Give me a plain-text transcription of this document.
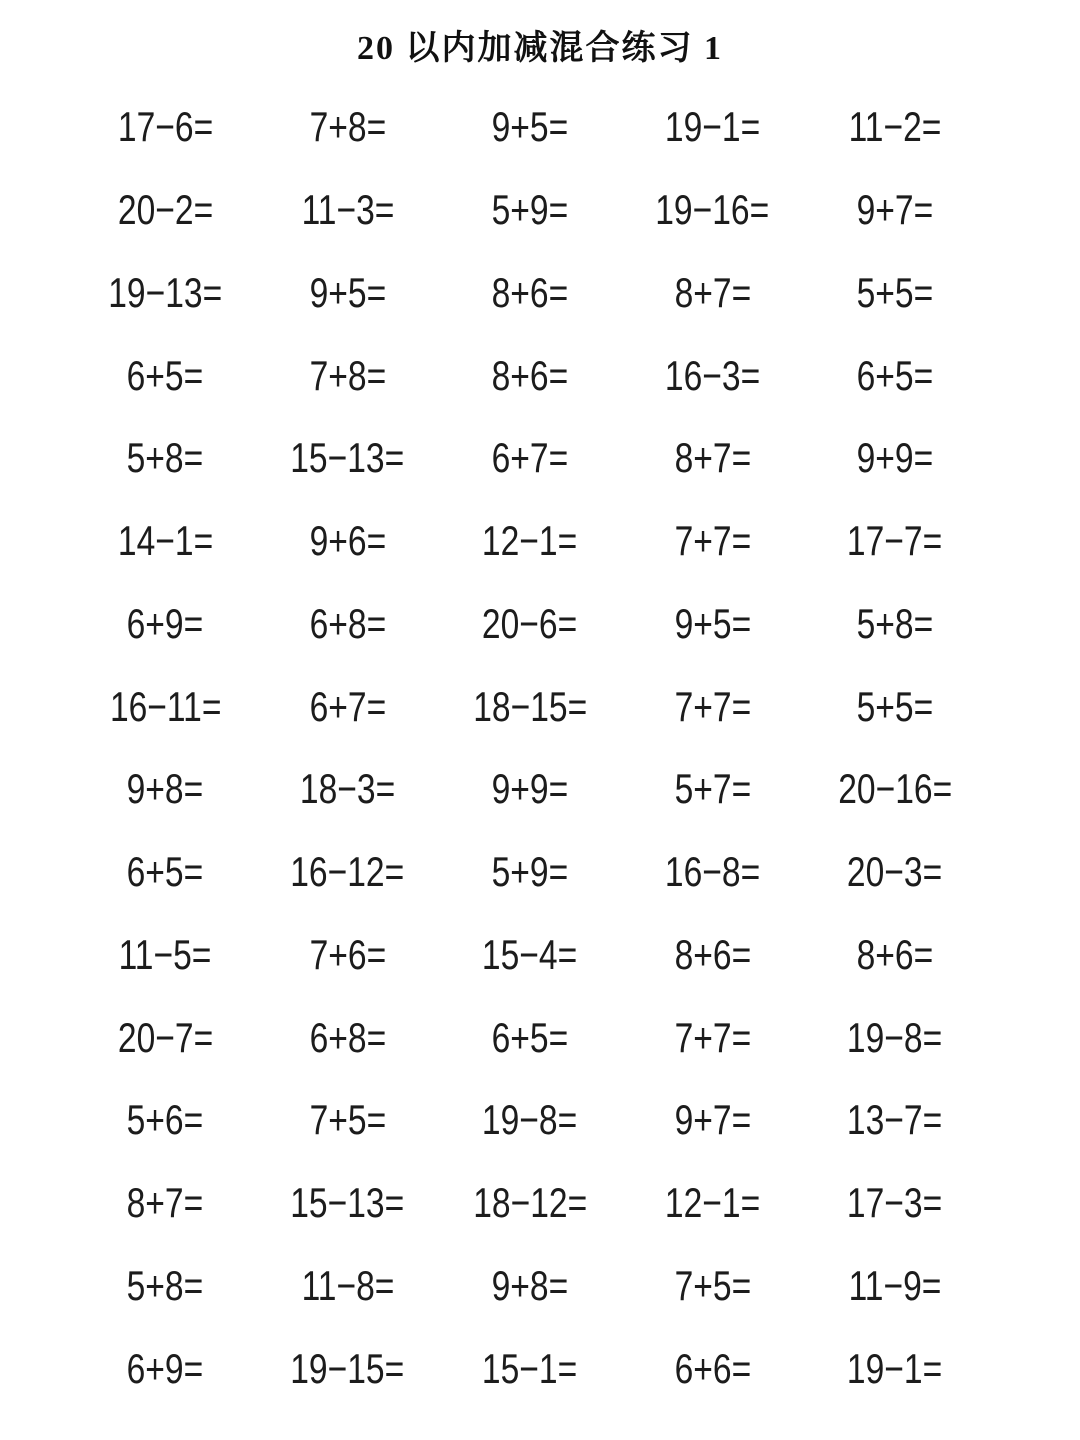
20 以内加减混合练习 1
17−6= 7+8=	9+5= 19−1= 11−2=
20−2= 11−3= 5+9= 19−16= 9+7=
19−13= 9+5=	8+6=	8+7=	5+5=
6+5=	7+8=	8+6= 16−3= 6+5=
5+8= 15−13= 6+7=	8+7=	9+9=
14−1= 9+6= 12−1= 7+7= 17−7=
6+9=	6+8= 20−6= 9+5=	5+8=
16−11= 6+7= 18−15= 7+7=	5+5=
9+8= 18−3= 9+9=	5+7= 20−16=
6+5= 16−12= 5+9= 16−8= 20−3=
11−5= 7+6= 15−4= 8+6=	8+6=
20−7= 6+8=	6+5=	7+7= 19−8=
5+6=	7+5= 19−8= 9+7= 13−7=
8+7= 15−13= 18−12= 12−1= 17−3=
5+8= 11−8= 9+8=	7+5= 11−9=
6+9= 19−15= 15−1= 6+6= 19−1=
